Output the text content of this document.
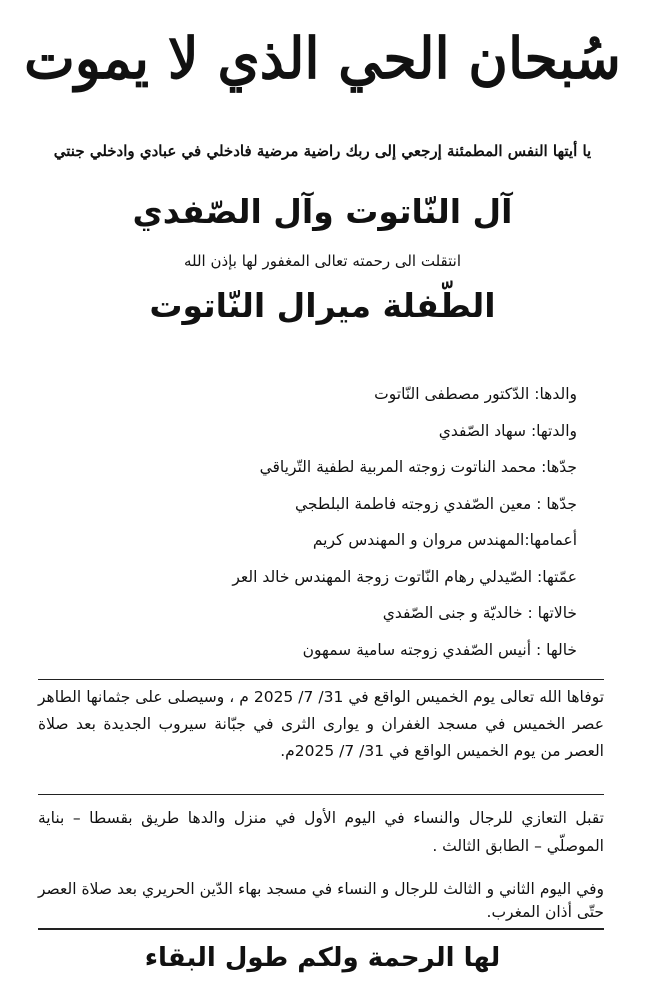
سُبحان الحي الذي لا يموت
يا أيتها النفس المطمئنة إرجعي إلى ربك راضية مرضية فادخلي في عبادي وادخلي جنتي
آل النّاتوت وآل الصّفدي
انتقلت الى رحمته تعالى المغفور لها بإذن الله
الطّفلة ميرال النّاتوت
والدها: الدّكتور مصطفى النّاتوت
والدتها: سهاد الصّفدي
جدّها: محمد الناتوت زوجته المربية لطفية التّرياقي
جدّها : معين الصّفدي زوجته فاطمة البلطجي
أعمامها:المهندس مروان و المهندس كريم
عمّتها: الصّيدلي رهام النّاتوت زوجة المهندس خالد العر
خالاتها : خالديّة و جنى الصّفدي
خالها : أنيس الصّفدي زوجته سامية سمهون

توفاها الله تعالى يوم الخميس الواقع في 31/ 7/ 2025 م ، وسيصلى على جثمانها الطاهر عصر الخميس في مسجد الغفران و يوارى الثرى في جبّانة سيروب الجديدة بعد صلاة العصر من يوم الخميس الواقع في 31/ 7/ 2025م.

تقبل التعازي للرجال والنساء في اليوم الأول في منزل والدها طريق بقسطا – بناية الموصلّي – الطابق الثالث .

وفي اليوم الثاني و الثالث للرجال و النساء في مسجد بهاء الدّين الحريري بعد صلاة العصر حتّى أذان المغرب.

لها الرحمة ولكم طول البقاء
